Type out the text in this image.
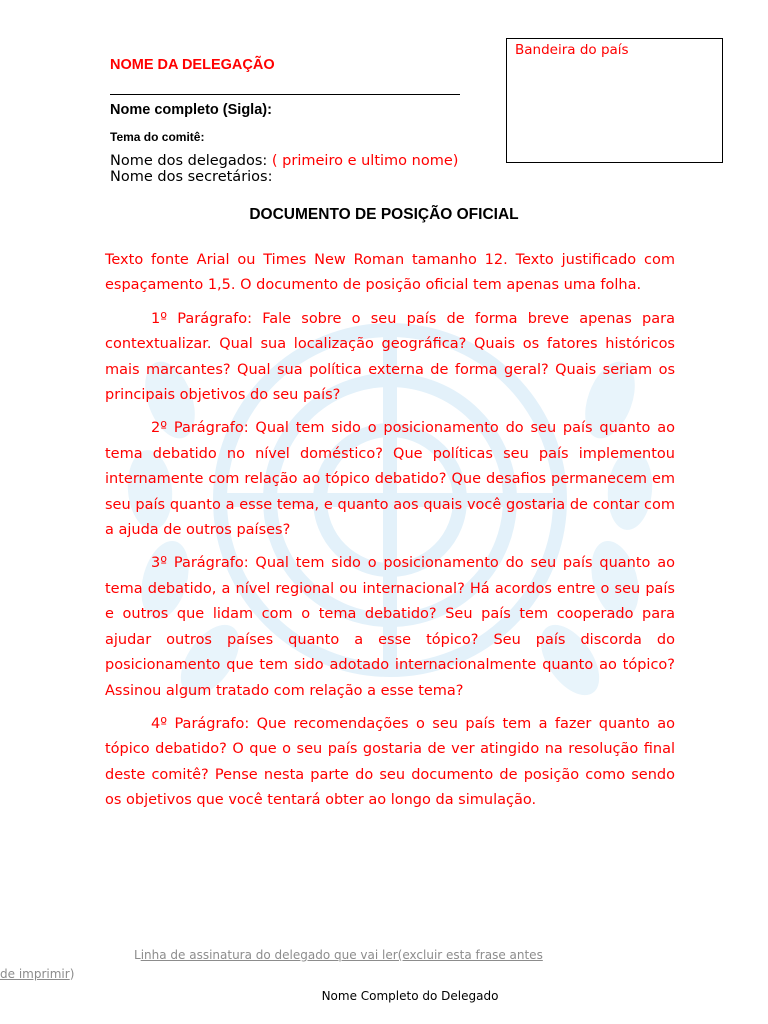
NOME DA DELEGAÇÃO
Nome completo (Sigla):
Tema do comitê:
Nome dos delegados: ( primeiro e ultimo nome)
Nome dos secretários:
Bandeira do país
DOCUMENTO DE POSIÇÃO OFICIAL

Texto fonte Arial ou Times New Roman tamanho 12. Texto justificado com espaçamento 1,5. O documento de posição oficial tem apenas uma folha.

1º Parágrafo: Fale sobre o seu país de forma breve apenas para contextualizar. Qual sua localização geográfica? Quais os fatores históricos mais marcantes? Qual sua política externa de forma geral? Quais seriam os principais objetivos do seu país?

2º Parágrafo: Qual tem sido o posicionamento do seu país quanto ao tema debatido no nível doméstico? Que políticas seu país implementou internamente com relação ao tópico debatido? Que desafios permanecem em seu país quanto a esse tema, e quanto aos quais você gostaria de contar com a ajuda de outros países?

3º Parágrafo: Qual tem sido o posicionamento do seu país quanto ao tema debatido, a nível regional ou internacional? Há acordos entre o seu país e outros que lidam com o tema debatido? Seu país tem cooperado para ajudar outros países quanto a esse tópico? Seu país discorda do posicionamento que tem sido adotado internacionalmente quanto ao tópico? Assinou algum tratado com relação a esse tema?

4º Parágrafo: Que recomendações o seu país tem a fazer quanto ao tópico debatido? O que o seu país gostaria de ver atingido na resolução final deste comitê? Pense nesta parte do seu documento de posição como sendo os objetivos que você tentará obter ao longo da simulação.

Linha de assinatura do delegado que vai ler(excluir esta frase antes
de imprimir)
Nome Completo do Delegado
